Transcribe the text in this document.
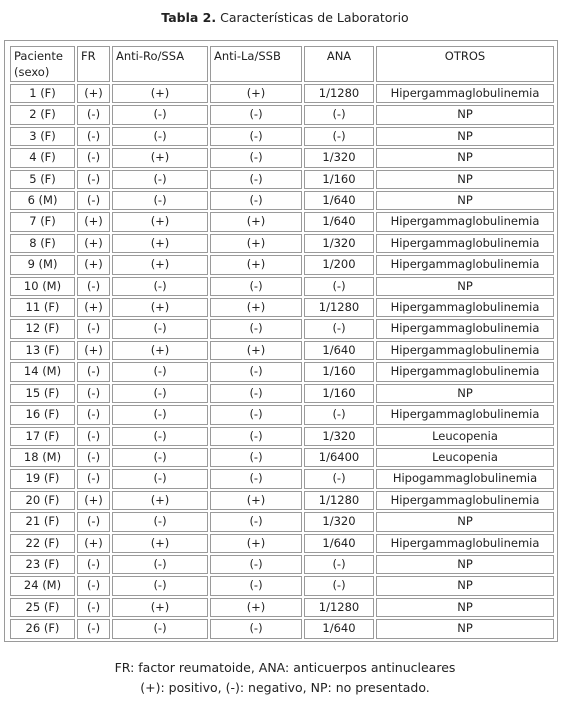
Tabla 2. Características de Laboratorio
Paciente (sexo)	FR	Anti-Ro/SSA	Anti-La/SSB	ANA	OTROS
1 (F)	(+)	(+)	(+)	1/1280	Hipergammaglobulinemia
2 (F)	(-)	(-)	(-)	(-)	NP
3 (F)	(-)	(-)	(-)	(-)	NP
4 (F)	(-)	(+)	(-)	1/320	NP
5 (F)	(-)	(-)	(-)	1/160	NP
6 (M)	(-)	(-)	(-)	1/640	NP
7 (F)	(+)	(+)	(+)	1/640	Hipergammaglobulinemia
8 (F)	(+)	(+)	(+)	1/320	Hipergammaglobulinemia
9 (M)	(+)	(+)	(+)	1/200	Hipergammaglobulinemia
10 (M)	(-)	(-)	(-)	(-)	NP
11 (F)	(+)	(+)	(+)	1/1280	Hipergammaglobulinemia
12 (F)	(-)	(-)	(-)	(-)	Hipergammaglobulinemia
13 (F)	(+)	(+)	(+)	1/640	Hipergammaglobulinemia
14 (M)	(-)	(-)	(-)	1/160	Hipergammaglobulinemia
15 (F)	(-)	(-)	(-)	1/160	NP
16 (F)	(-)	(-)	(-)	(-)	Hipergammaglobulinemia
17 (F)	(-)	(-)	(-)	1/320	Leucopenia
18 (M)	(-)	(-)	(-)	1/6400	Leucopenia
19 (F)	(-)	(-)	(-)	(-)	Hipogammaglobulinemia
20 (F)	(+)	(+)	(+)	1/1280	Hipergammaglobulinemia
21 (F)	(-)	(-)	(-)	1/320	NP
22 (F)	(+)	(+)	(+)	1/640	Hipergammaglobulinemia
23 (F)	(-)	(-)	(-)	(-)	NP
24 (M)	(-)	(-)	(-)	(-)	NP
25 (F)	(-)	(+)	(+)	1/1280	NP
26 (F)	(-)	(-)	(-)	1/640	NP
FR: factor reumatoide, ANA: anticuerpos antinucleares
(+): positivo, (-): negativo, NP: no presentado.
